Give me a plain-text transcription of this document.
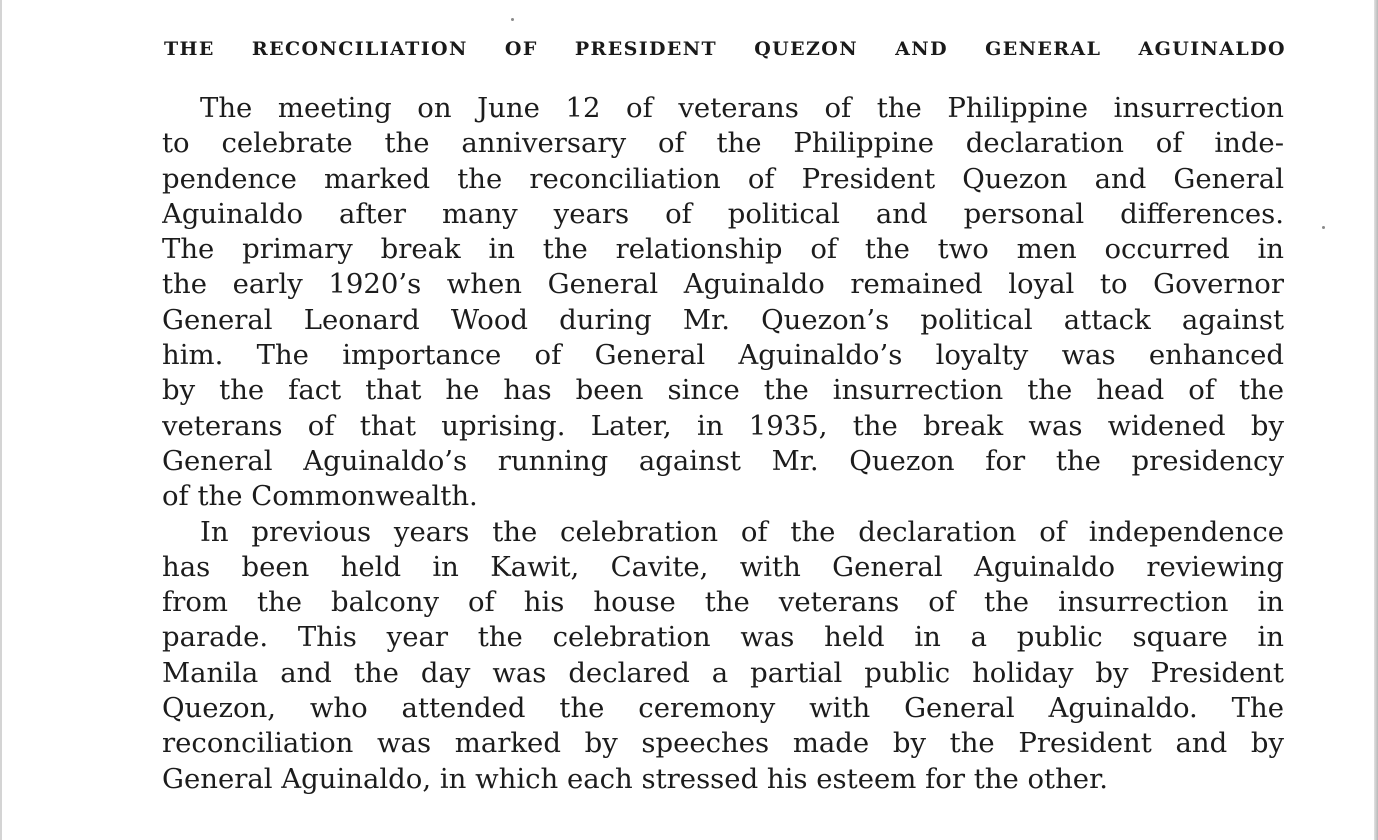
THE RECONCILIATION OF PRESIDENT QUEZON AND GENERAL AGUINALDO
The meeting on June 12 of veterans of the Philippine insurrection
to celebrate the anniversary of the Philippine declaration of inde-
pendence marked the reconciliation of President Quezon and General
Aguinaldo after many years of political and personal differences.
The primary break in the relationship of the two men occurred in
the early 1920’s when General Aguinaldo remained loyal to Governor
General Leonard Wood during Mr. Quezon’s political attack against
him. The importance of General Aguinaldo’s loyalty was enhanced
by the fact that he has been since the insurrection the head of the
veterans of that uprising. Later, in 1935, the break was widened by
General Aguinaldo’s running against Mr. Quezon for the presidency
of the Commonwealth.
In previous years the celebration of the declaration of independence
has been held in Kawit, Cavite, with General Aguinaldo reviewing
from the balcony of his house the veterans of the insurrection in
parade. This year the celebration was held in a public square in
Manila and the day was declared a partial public holiday by President
Quezon, who attended the ceremony with General Aguinaldo. The
reconciliation was marked by speeches made by the President and by
General Aguinaldo, in which each stressed his esteem for the other.
